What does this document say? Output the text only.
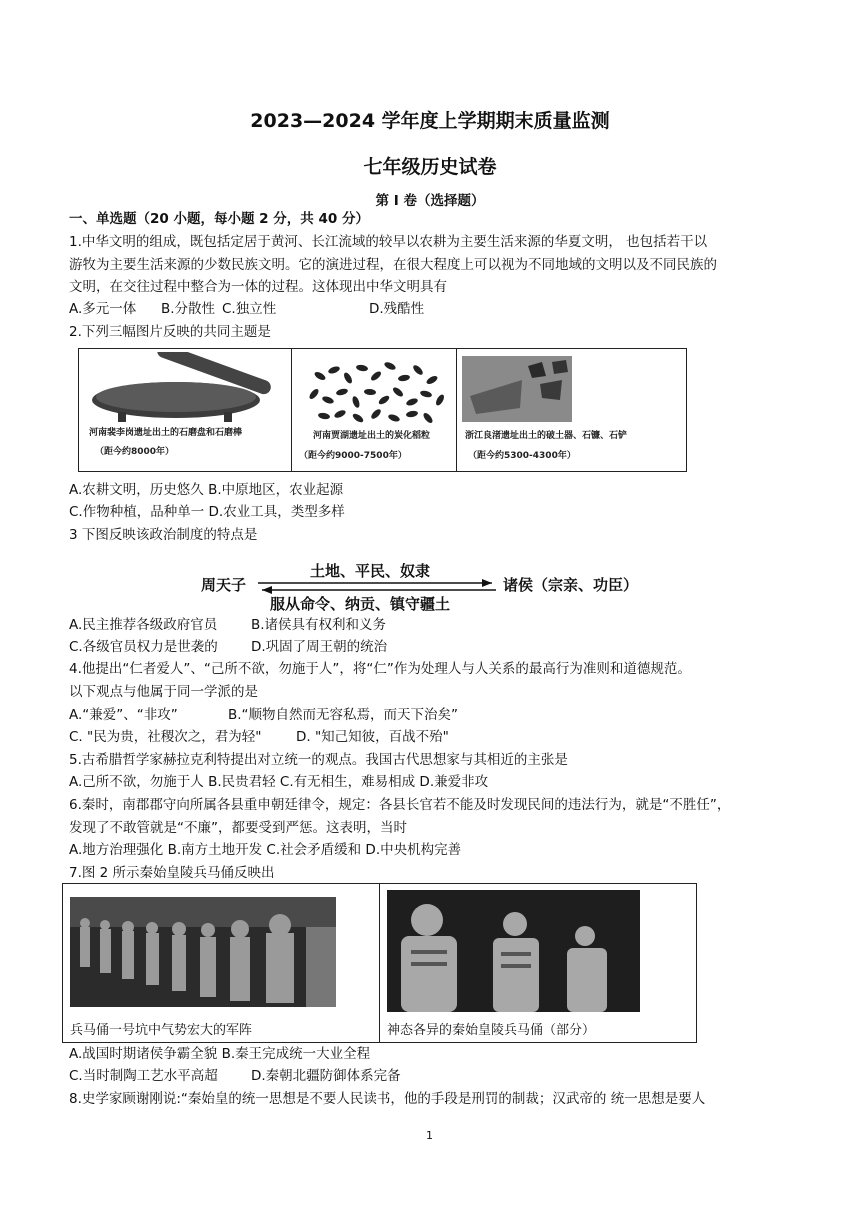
2023—2024 学年度上学期期末质量监测
七年级历史试卷
第 I 卷（选择题）
一、单选题（20 小题，每小题 2 分，共 40 分）
1.中华文明的组成，既包括定居于黄河、长江流域的较早以农耕为主要生活来源的华夏文明， 也包括若干以
游牧为主要生活来源的少数民族文明。它的演进过程，在很大程度上可以视为不同地域的文明以及不同民族的
文明，在交往过程中整合为一体的过程。这体现出中华文明具有
A.多元一体 B.分散性 C.独立性	D.残酷性
2.下列三幅图片反映的共同主题是
河南裴李岗遗址出土的石磨盘和石磨棒
（距今约8000年）
河南贾湖遗址出土的炭化稻粒
（距今约9000-7500年）
浙江良渚遗址出土的破土器、石镰、石铲
（距今约5300-4300年）
A.农耕文明，历史悠久 B.中原地区，农业起源
C.作物种植，品种单一 D.农业工具，类型多样
3 下图反映该政治制度的特点是
周天子
土地、平民、奴隶
服从命令、纳贡、镇守疆土
诸侯（宗亲、功臣）
A.民主推荐各级政府官员 B.诸侯具有权利和义务
C.各级官员权力是世袭的 D.巩固了周王朝的统治
4.他提出“仁者爱人”、“己所不欲，勿施于人”，将“仁”作为处理人与人关系的最高行为准则和道德规范。
以下观点与他属于同一学派的是
A.“兼爱”、“非攻”	B.“顺物自然而无容私焉，而天下治矣”
C. "民为贵，社稷次之，君为轻"	D. "知己知彼，百战不殆"
5.古希腊哲学家赫拉克利特提出对立统一的观点。我国古代思想家与其相近的主张是
A.己所不欲，勿施于人 B.民贵君轻 C.有无相生，难易相成 D.兼爱非攻
6.秦时，南郡郡守向所属各县重申朝廷律令，规定：各县长官若不能及时发现民间的违法行为，就是“不胜任”，
发现了不敢管就是“不廉”，都要受到严惩。这表明，当时
A.地方治理强化 B.南方土地开发 C.社会矛盾缓和 D.中央机构完善
7.图 2 所示秦始皇陵兵马俑反映出
兵马俑一号坑中气势宏大的军阵	神态各异的秦始皇陵兵马俑（部分）
A.战国时期诸侯争霸全貌 B.秦王完成统一大业全程
C.当时制陶工艺水平高超 D.秦朝北疆防御体系完备
8.史学家顾谢刚说:“秦始皇的统一思想是不要人民读书，他的手段是刑罚的制裁；汉武帝的 统一思想是要人
1
